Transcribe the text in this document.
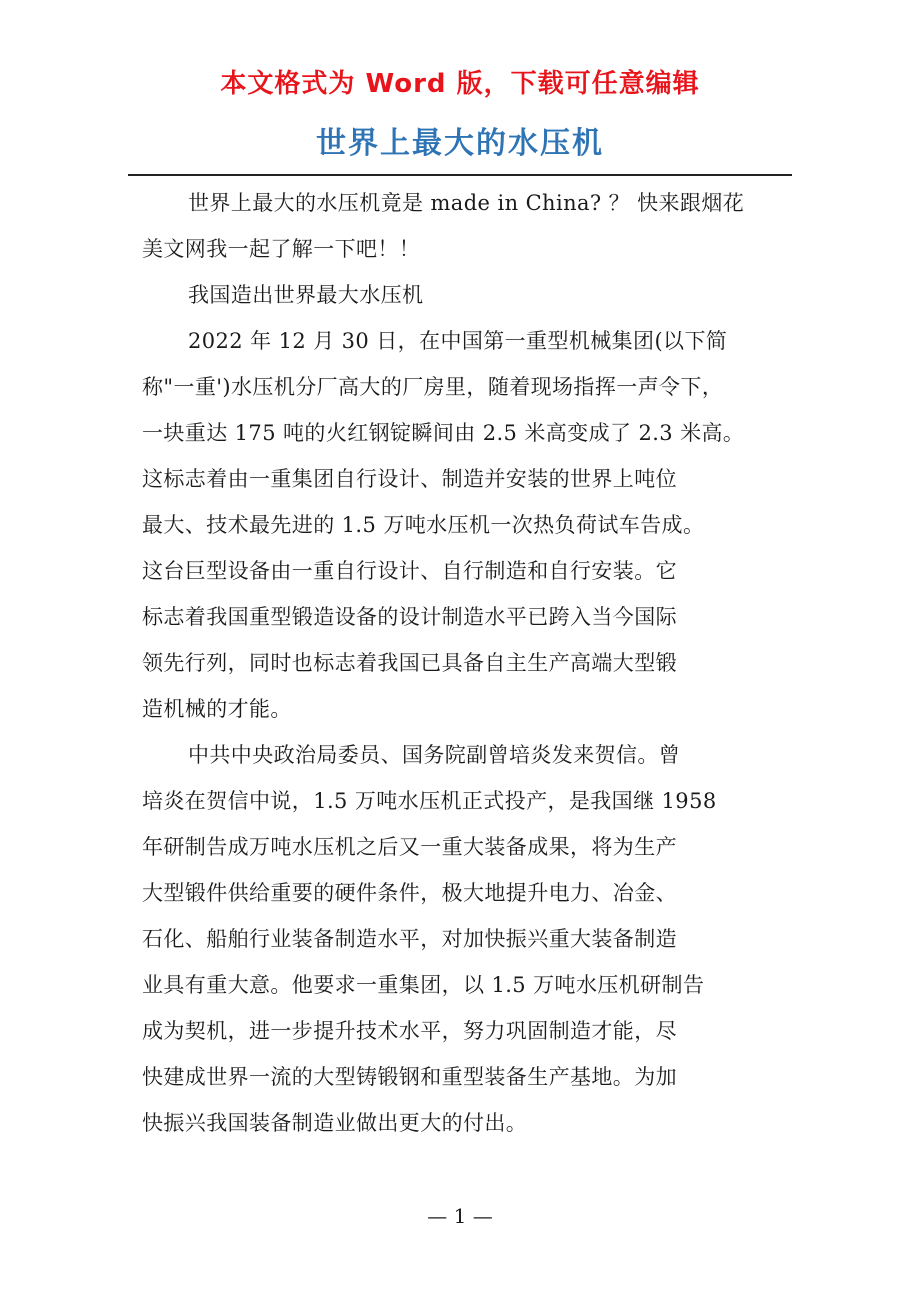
本文格式为 Word 版，下载可任意编辑
世界上最大的水压机
世界上最大的水压机竟是 made in China? ？ 快来跟烟花
美文网我一起了解一下吧！！
我国造出世界最大水压机
2022 年 12 月 30 日，在中国第一重型机械集团(以下简
称"一重')水压机分厂高大的厂房里，随着现场指挥一声令下，
一块重达 175 吨的火红钢锭瞬间由 2.5 米高变成了 2.3 米高。
这标志着由一重集团自行设计、制造并安装的世界上吨位
最大、技术最先进的 1.5 万吨水压机一次热负荷试车告成。
这台巨型设备由一重自行设计、自行制造和自行安装。它
标志着我国重型锻造设备的设计制造水平已跨入当今国际
领先行列，同时也标志着我国已具备自主生产高端大型锻
造机械的才能。
中共中央政治局委员、国务院副曾培炎发来贺信。曾
培炎在贺信中说，1.5 万吨水压机正式投产，是我国继 1958
年研制告成万吨水压机之后又一重大装备成果，将为生产
大型锻件供给重要的硬件条件，极大地提升电力、冶金、
石化、船舶行业装备制造水平，对加快振兴重大装备制造
业具有重大意。他要求一重集团，以 1.5 万吨水压机研制告
成为契机，进一步提升技术水平，努力巩固制造才能，尽
快建成世界一流的大型铸锻钢和重型装备生产基地。为加
快振兴我国装备制造业做出更大的付出。
— 1 —
